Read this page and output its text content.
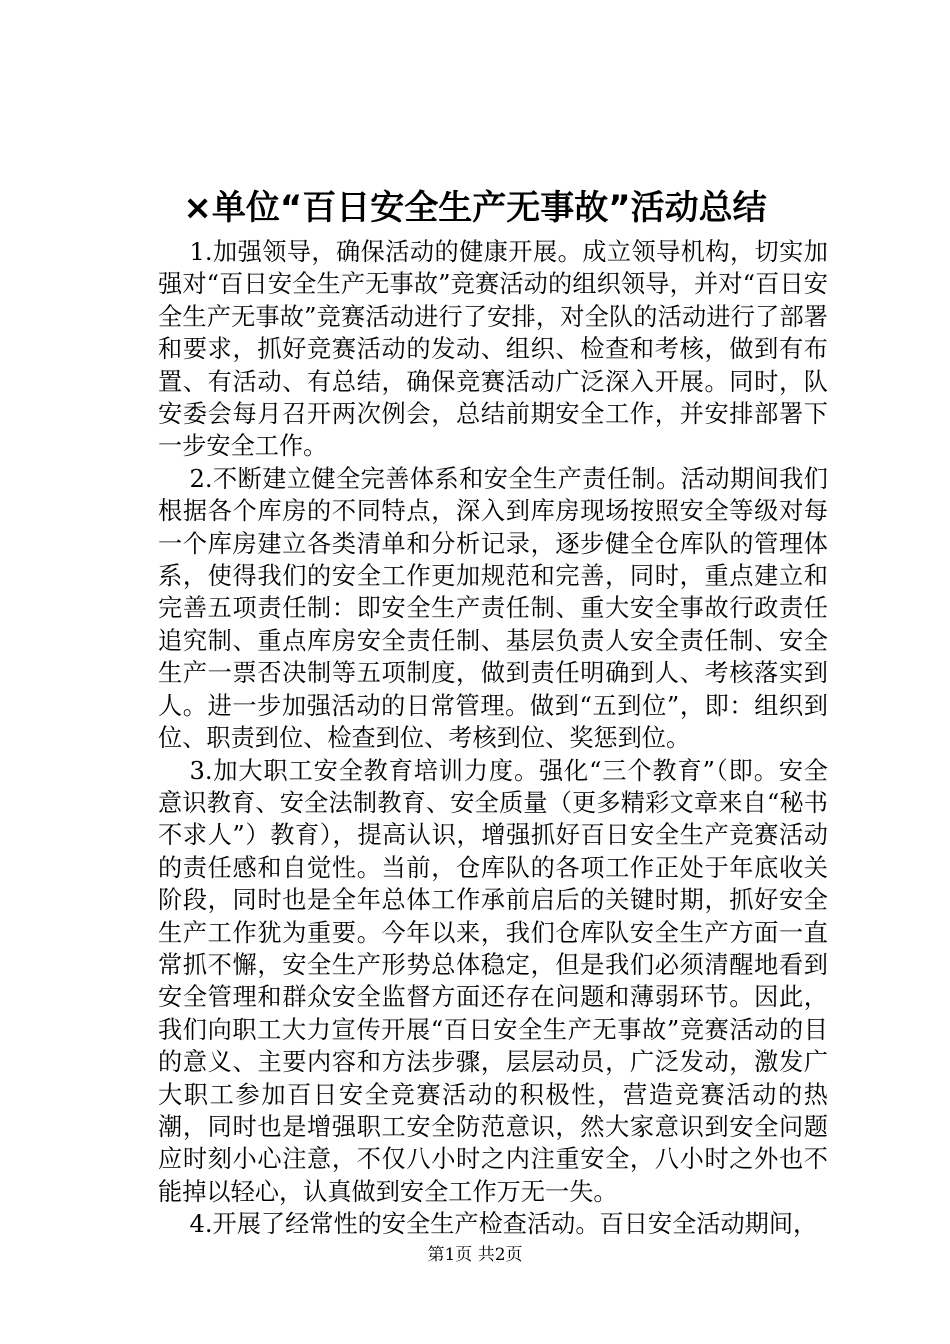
×单位“百日安全生产无事故”活动总结

1.加强领导，确保活动的健康开展。成立领导机构，切实加强对“百日安全生产无事故”竞赛活动的组织领导，并对“百日安全生产无事故”竞赛活动进行了安排，对全队的活动进行了部署和要求，抓好竞赛活动的发动、组织、检查和考核，做到有布置、有活动、有总结，确保竞赛活动广泛深入开展。同时，队安委会每月召开两次例会，总结前期安全工作，并安排部署下一步安全工作。

2.不断建立健全完善体系和安全生产责任制。活动期间我们根据各个库房的不同特点，深入到库房现场按照安全等级对每一个库房建立各类清单和分析记录，逐步健全仓库队的管理体系，使得我们的安全工作更加规范和完善，同时，重点建立和完善五项责任制：即安全生产责任制、重大安全事故行政责任追究制、重点库房安全责任制、基层负责人安全责任制、安全生产一票否决制等五项制度，做到责任明确到人、考核落实到人。进一步加强活动的日常管理。做到“五到位”，即：组织到位、职责到位、检查到位、考核到位、奖惩到位。

3.加大职工安全教育培训力度。强化“三个教育”（即。安全意识教育、安全法制教育、安全质量（更多精彩文章来自“秘书不求人”）教育），提高认识，增强抓好百日安全生产竞赛活动的责任感和自觉性。当前，仓库队的各项工作正处于年底收关阶段，同时也是全年总体工作承前启后的关键时期，抓好安全生产工作犹为重要。今年以来，我们仓库队安全生产方面一直常抓不懈，安全生产形势总体稳定，但是我们必须清醒地看到安全管理和群众安全监督方面还存在问题和薄弱环节。因此，我们向职工大力宣传开展“百日安全生产无事故”竞赛活动的目的意义、主要内容和方法步骤，层层动员，广泛发动，激发广大职工参加百日安全竞赛活动的积极性，营造竞赛活动的热潮，同时也是增强职工安全防范意识，然大家意识到安全问题应时刻小心注意，不仅八小时之内注重安全，八小时之外也不能掉以轻心，认真做到安全工作万无一失。

4.开展了经常性的安全生产检查活动。百日安全活动期间，

第1页 共2页
